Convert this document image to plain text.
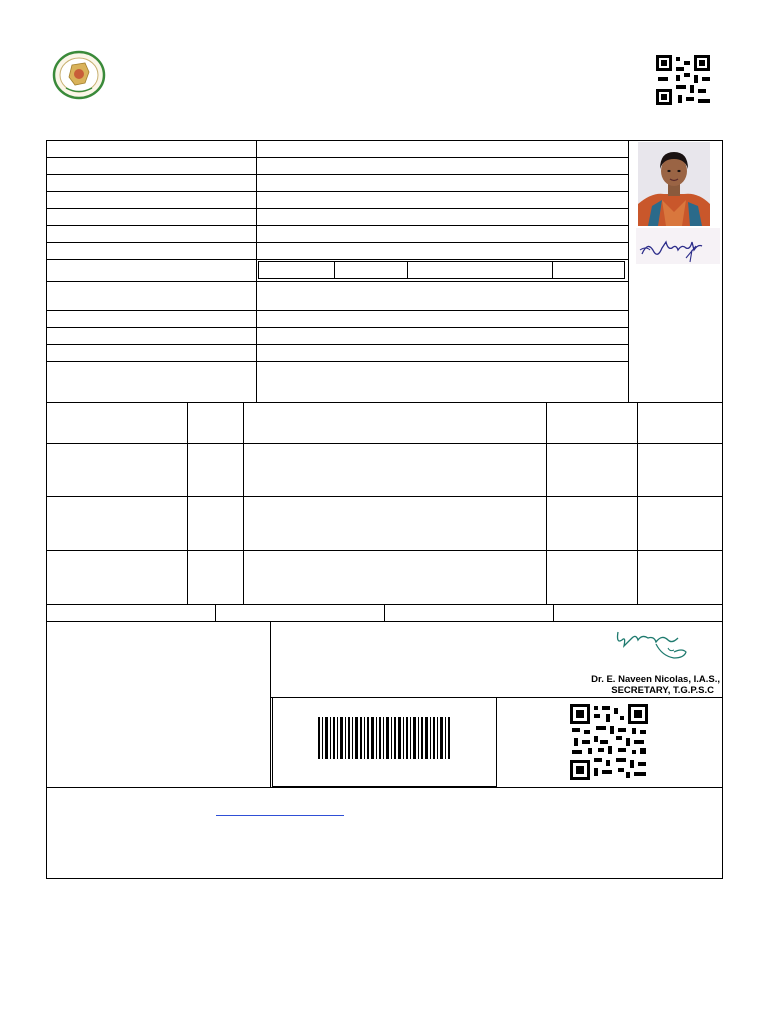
Dr. E. Naveen Nicolas, I.A.S.,
SECRETARY, T.G.P.S.C
